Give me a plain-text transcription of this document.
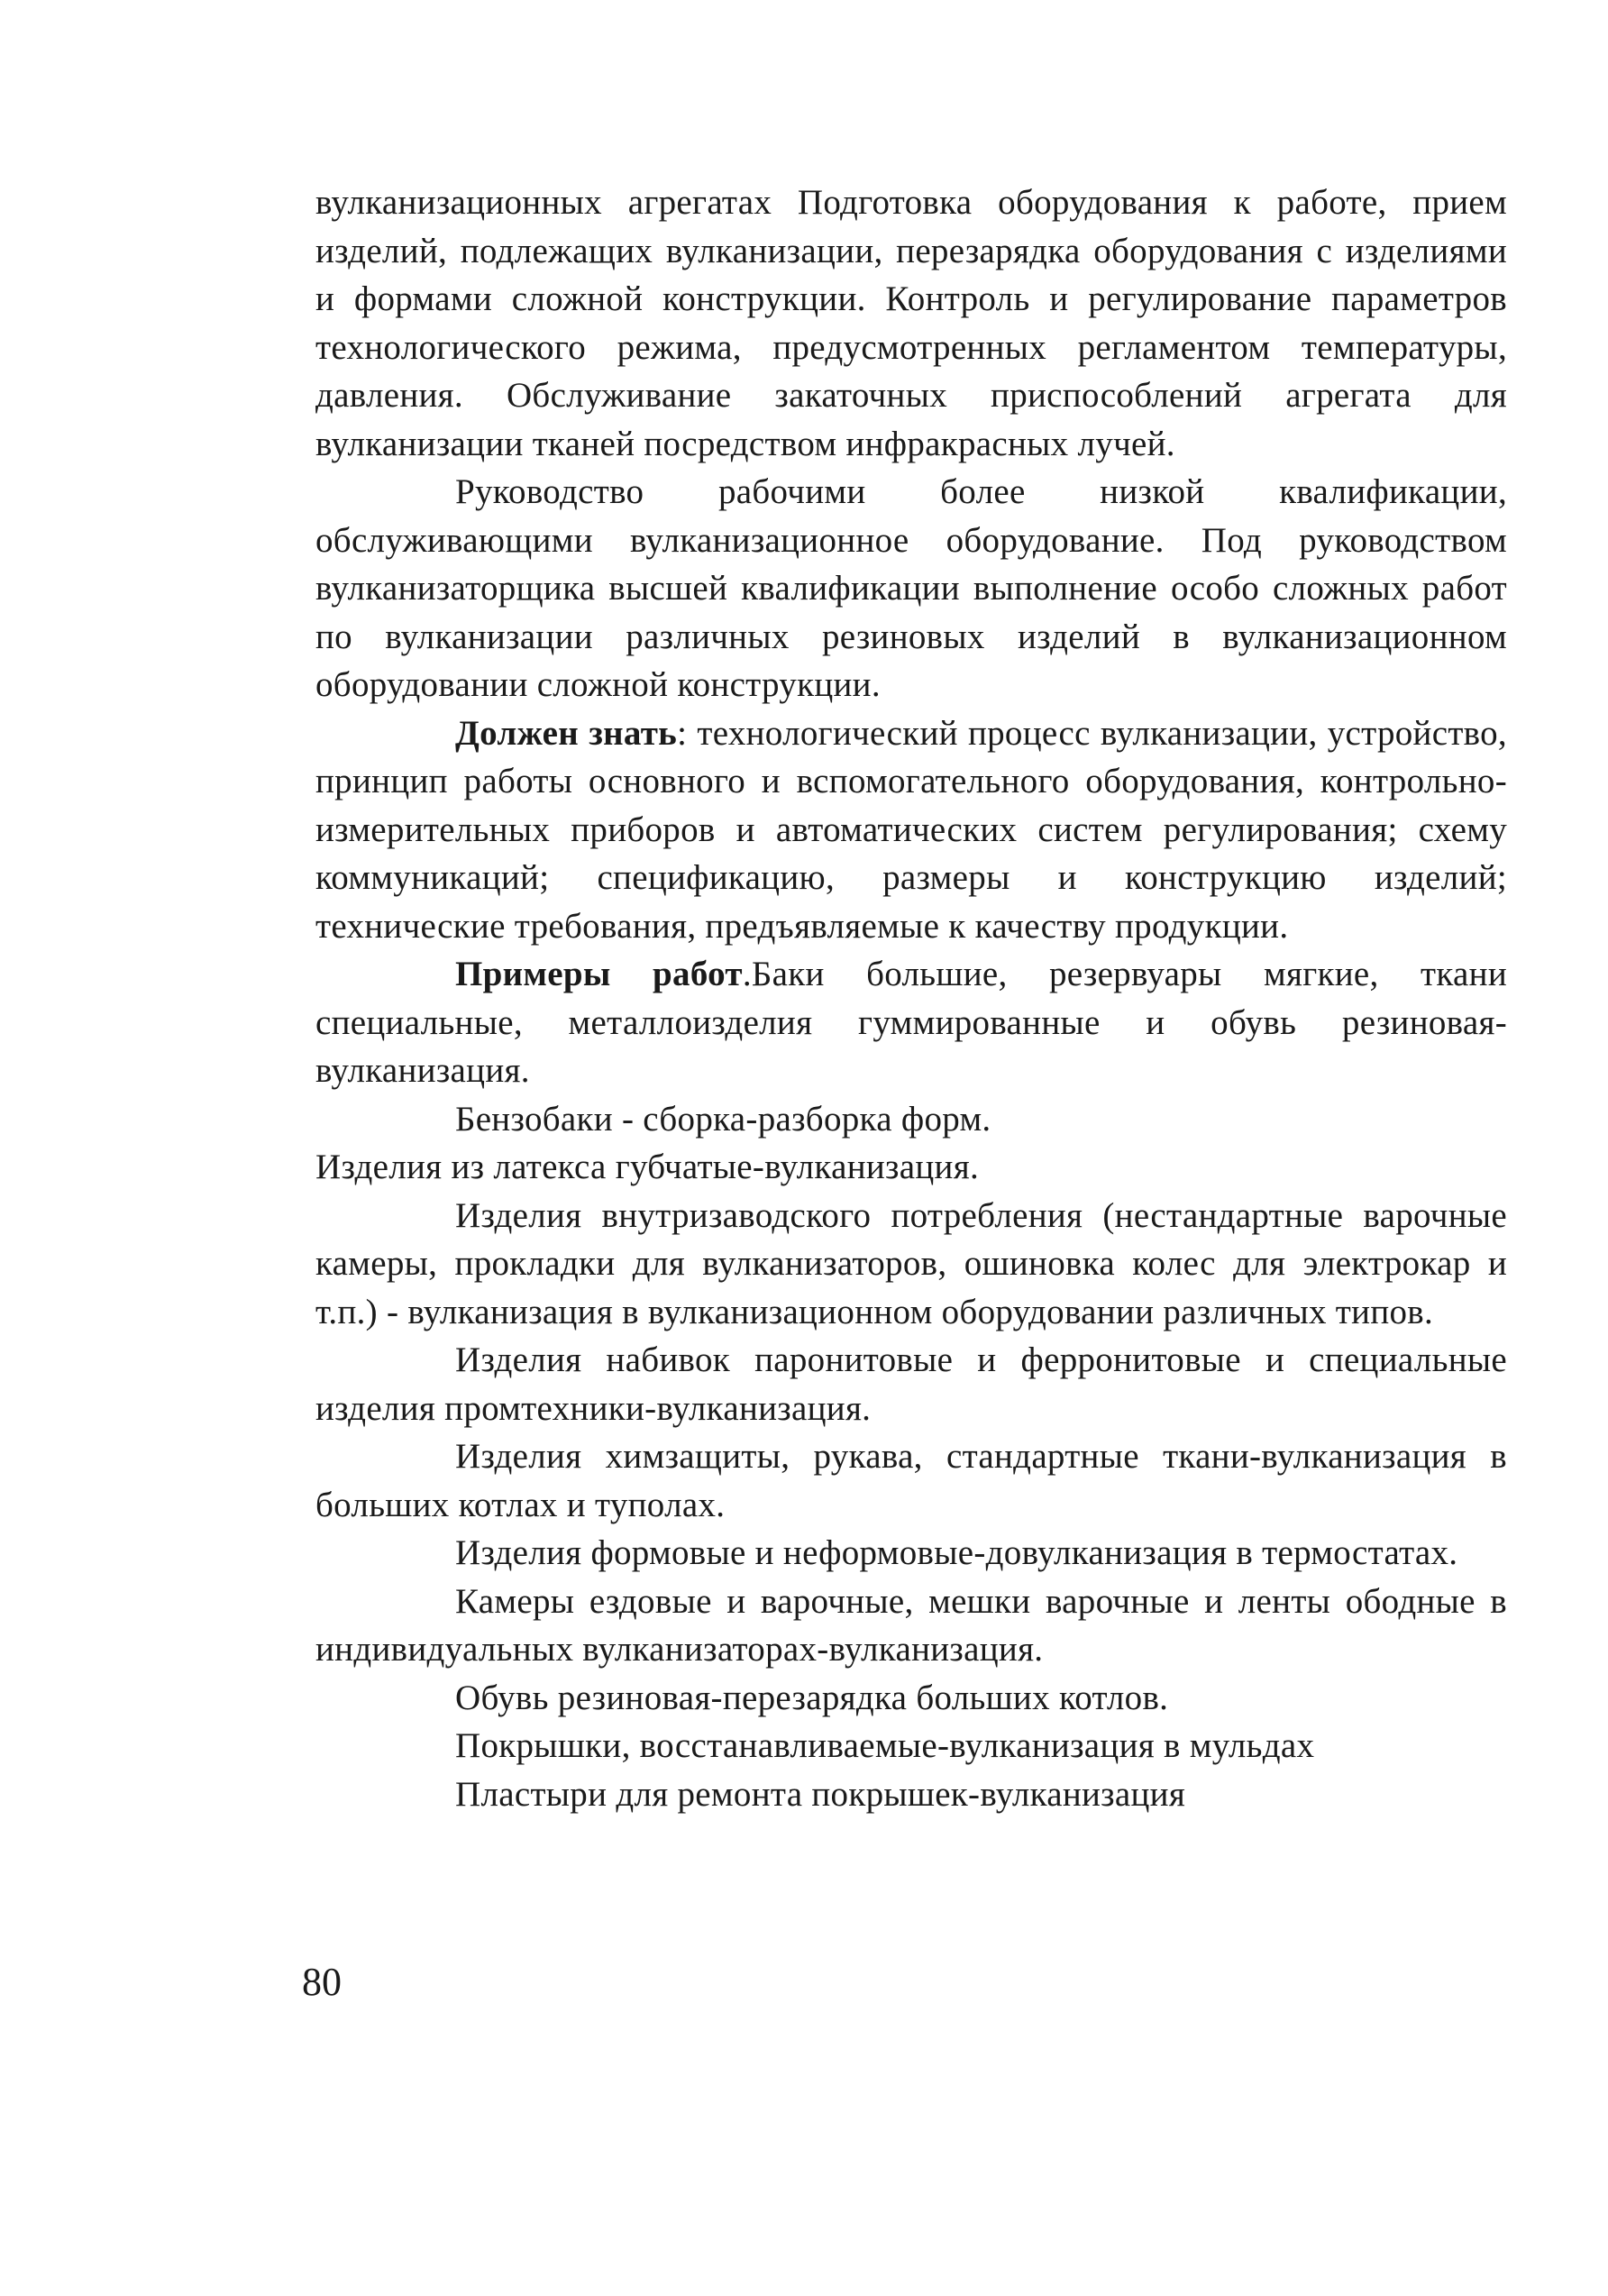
вулканизационных агрегатах Подготовка оборудования к работе, прием изделий, подлежащих вулканизации, перезарядка оборудования с изделиями и формами сложной конструкции. Контроль и регулирование параметров технологического режима, предусмотренных регламентом температуры, давления. Обслуживание закаточных приспособлений агрегата для вулканизации тканей посредством инфракрасных лучей.

Руководство рабочими более низкой квалификации, обслуживающими вулканизационное оборудование. Под руководством вулканизаторщика высшей квалификации выполнение особо сложных работ по вулканизации различных резиновых изделий в вулканизационном оборудовании сложной конструкции.

Должен знать: технологический процесс вулканизации, устройство, принцип работы основного и вспомогательного оборудования, контрольно-измерительных приборов и автоматических систем регулирования; схему коммуникаций; спецификацию, размеры и конструкцию изделий; технические требования, предъявляемые к качеству продукции.

Примеры работ.Баки большие, резервуары мягкие, ткани специальные, металлоизделия гуммированные и обувь резиновая-вулканизация.

Бензобаки - сборка-разборка форм.

Изделия из латекса губчатые-вулканизация.

Изделия внутризаводского потребления (нестандартные варочные камеры, прокладки для вулканизаторов, ошиновка колес для электрокар и т.п.) - вулканизация в вулканизационном оборудовании различных типов.

Изделия набивок паронитовые и ферронитовые и специальные изделия промтехники-вулканизация.

Изделия химзащиты, рукава, стандартные ткани-вулканизация в больших котлах и туполах.

Изделия формовые и неформовые-довулканизация в термостатах.

Камеры ездовые и варочные, мешки варочные и ленты ободные в индивидуальных вулканизаторах-вулканизация.

Обувь резиновая-перезарядка больших котлов.

Покрышки, восстанавливаемые-вулканизация в мульдах

Пластыри для ремонта покрышек-вулканизация

80
